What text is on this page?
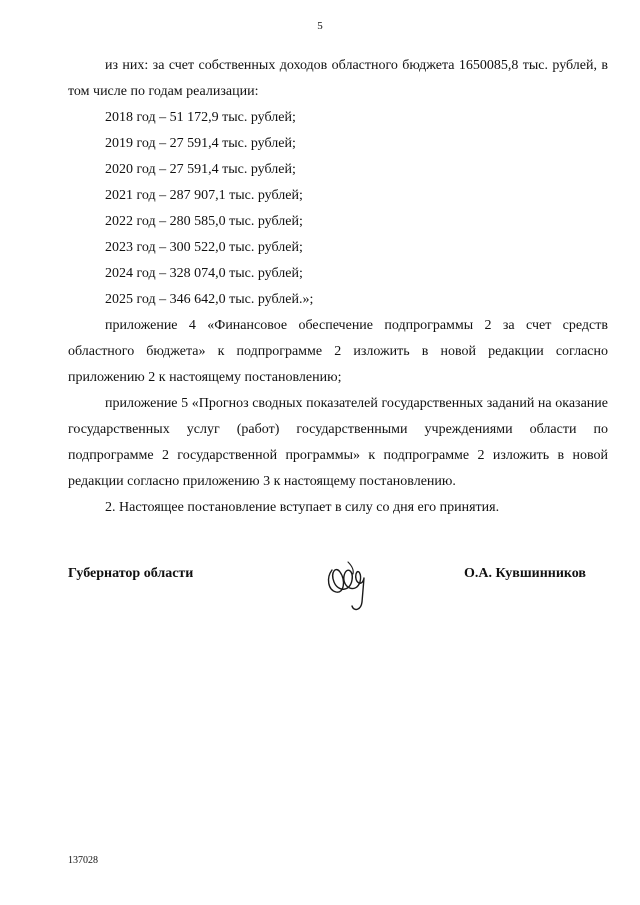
5

из них: за счет собственных доходов областного бюджета 1650085,8 тыс. рублей, в том числе по годам реализации:

2018 год – 51 172,9 тыс. рублей;

2019 год – 27 591,4 тыс. рублей;

2020 год – 27 591,4 тыс. рублей;

2021 год – 287 907,1 тыс. рублей;

2022 год – 280 585,0 тыс. рублей;

2023 год – 300 522,0 тыс. рублей;

2024 год – 328 074,0 тыс. рублей;

2025 год – 346 642,0 тыс. рублей.»;

приложение 4 «Финансовое обеспечение подпрограммы 2 за счет средств областного бюджета» к подпрограмме 2 изложить в новой редакции согласно приложению 2 к настоящему постановлению;

приложение 5 «Прогноз сводных показателей государственных заданий на оказание государственных услуг (работ) государственными учреждениями области по подпрограмме 2 государственной программы» к подпрограмме 2 изложить в новой редакции согласно приложению 3 к настоящему постановлению.

2. Настоящее постановление вступает в силу со дня его принятия.

Губернатор области	О.А. Кувшинников
137028
